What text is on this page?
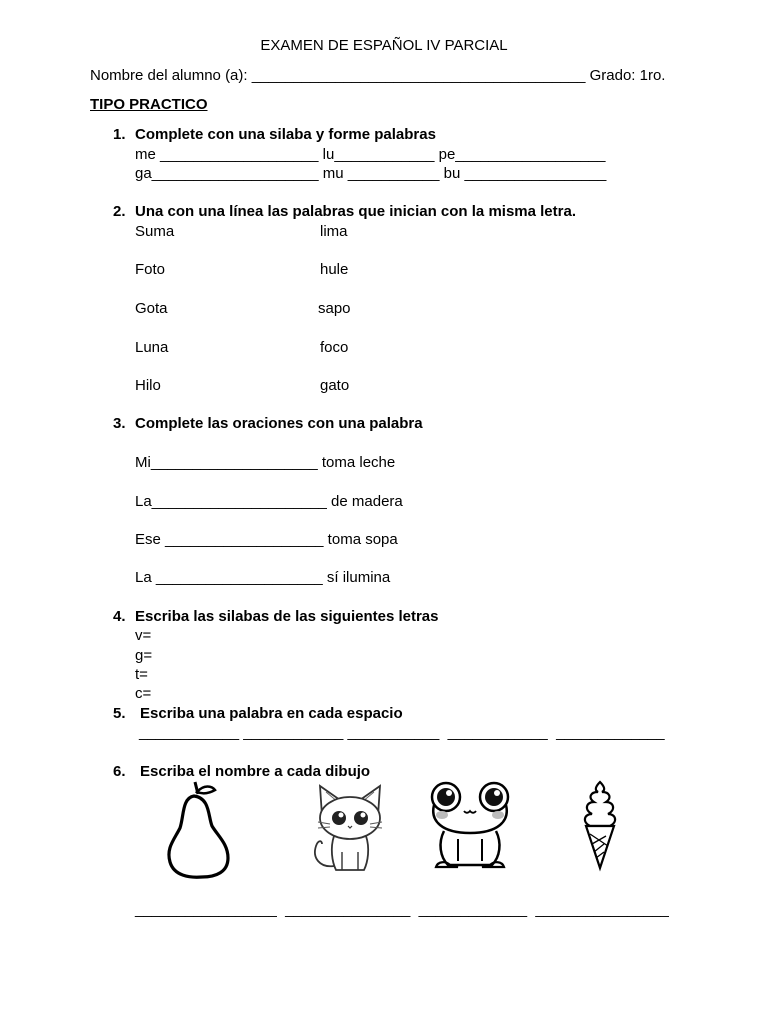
EXAMEN DE ESPAÑOL IV PARCIAL
Nombre del alumno (a): ________________________________________ Grado: 1ro.
TIPO PRACTICO
1. Complete con una silaba y forme palabras
me ___________________ lu____________ pe__________________
ga____________________ mu ___________ bu _________________
2. Una con una línea las palabras que inician con la misma letra.
Suma	lima
Foto	hule
Gota	sapo
Luna	foco
Hilo	gato
3. Complete las oraciones con una palabra
Mi____________________ toma leche
La_____________________ de madera
Ese ___________________ toma sopa
La ____________________ sí ilumina
4. Escriba las silabas de las siguientes letras
v=
g=
t=
c=
5. Escriba una palabra en cada espacio
____________ ____________ ___________  ____________  _____________
6. Escriba el nombre a cada dibujo
_________________  _______________  _____________  ________________
